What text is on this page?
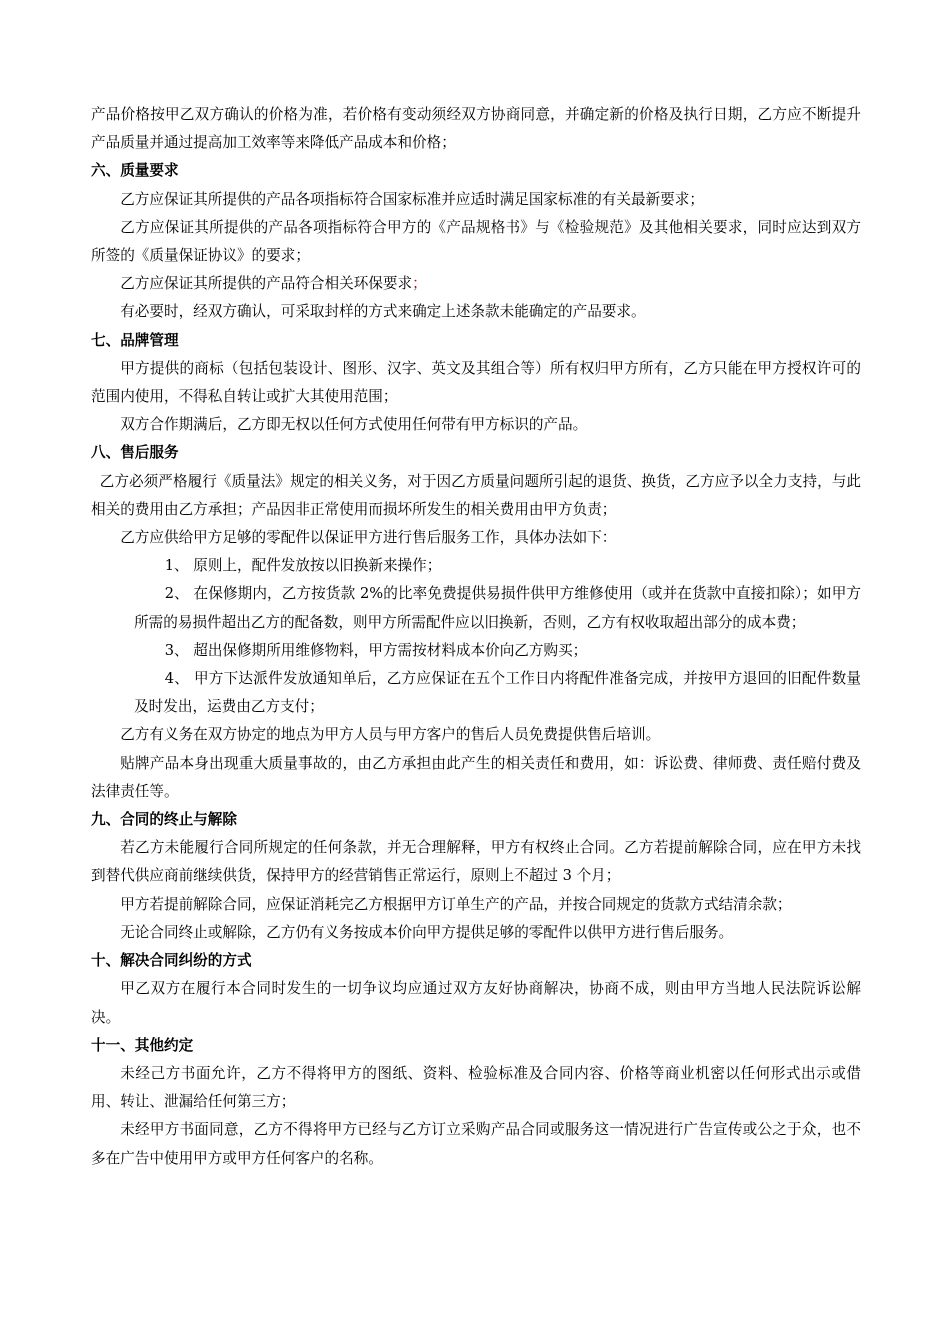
产品价格按甲乙双方确认的价格为准，若价格有变动须经双方协商同意，并确定新的价格及执行日期，乙方应不断提升产品质量并通过提高加工效率等来降低产品成本和价格；

六、质量要求

乙方应保证其所提供的产品各项指标符合国家标准并应适时满足国家标准的有关最新要求；

乙方应保证其所提供的产品各项指标符合甲方的《产品规格书》与《检验规范》及其他相关要求，同时应达到双方所签的《质量保证协议》的要求；

乙方应保证其所提供的产品符合相关环保要求；

有必要时，经双方确认，可采取封样的方式来确定上述条款未能确定的产品要求。

七、品牌管理

甲方提供的商标（包括包装设计、图形、汉字、英文及其组合等）所有权归甲方所有，乙方只能在甲方授权许可的范围内使用，不得私自转让或扩大其使用范围；

双方合作期满后，乙方即无权以任何方式使用任何带有甲方标识的产品。

八、售后服务

乙方必须严格履行《质量法》规定的相关义务，对于因乙方质量问题所引起的退货、换货，乙方应予以全力支持，与此相关的费用由乙方承担；产品因非正常使用而损坏所发生的相关费用由甲方负责；

乙方应供给甲方足够的零配件以保证甲方进行售后服务工作，具体办法如下：

1、 原则上，配件发放按以旧换新来操作；

2、 在保修期内，乙方按货款 2%的比率免费提供易损件供甲方维修使用（或并在货款中直接扣除）；如甲方所需的易损件超出乙方的配备数，则甲方所需配件应以旧换新，否则，乙方有权收取超出部分的成本费；

3、 超出保修期所用维修物料，甲方需按材料成本价向乙方购买；

4、 甲方下达派件发放通知单后，乙方应保证在五个工作日内将配件准备完成，并按甲方退回的旧配件数量及时发出，运费由乙方支付；

乙方有义务在双方协定的地点为甲方人员与甲方客户的售后人员免费提供售后培训。

贴牌产品本身出现重大质量事故的，由乙方承担由此产生的相关责任和费用，如：诉讼费、律师费、责任赔付费及法律责任等。

九、合同的终止与解除

若乙方未能履行合同所规定的任何条款，并无合理解释，甲方有权终止合同。乙方若提前解除合同，应在甲方未找到替代供应商前继续供货，保持甲方的经营销售正常运行，原则上不超过 3 个月；

甲方若提前解除合同，应保证消耗完乙方根据甲方订单生产的产品，并按合同规定的货款方式结清余款；

无论合同终止或解除，乙方仍有义务按成本价向甲方提供足够的零配件以供甲方进行售后服务。

十、解决合同纠纷的方式

甲乙双方在履行本合同时发生的一切争议均应通过双方友好协商解决，协商不成，则由甲方当地人民法院诉讼解决。

十一、其他约定

未经己方书面允许，乙方不得将甲方的图纸、资料、检验标准及合同内容、价格等商业机密以任何形式出示或借用、转让、泄漏给任何第三方；

未经甲方书面同意，乙方不得将甲方已经与乙方订立采购产品合同或服务这一情况进行广告宣传或公之于众，也不多在广告中使用甲方或甲方任何客户的名称。
